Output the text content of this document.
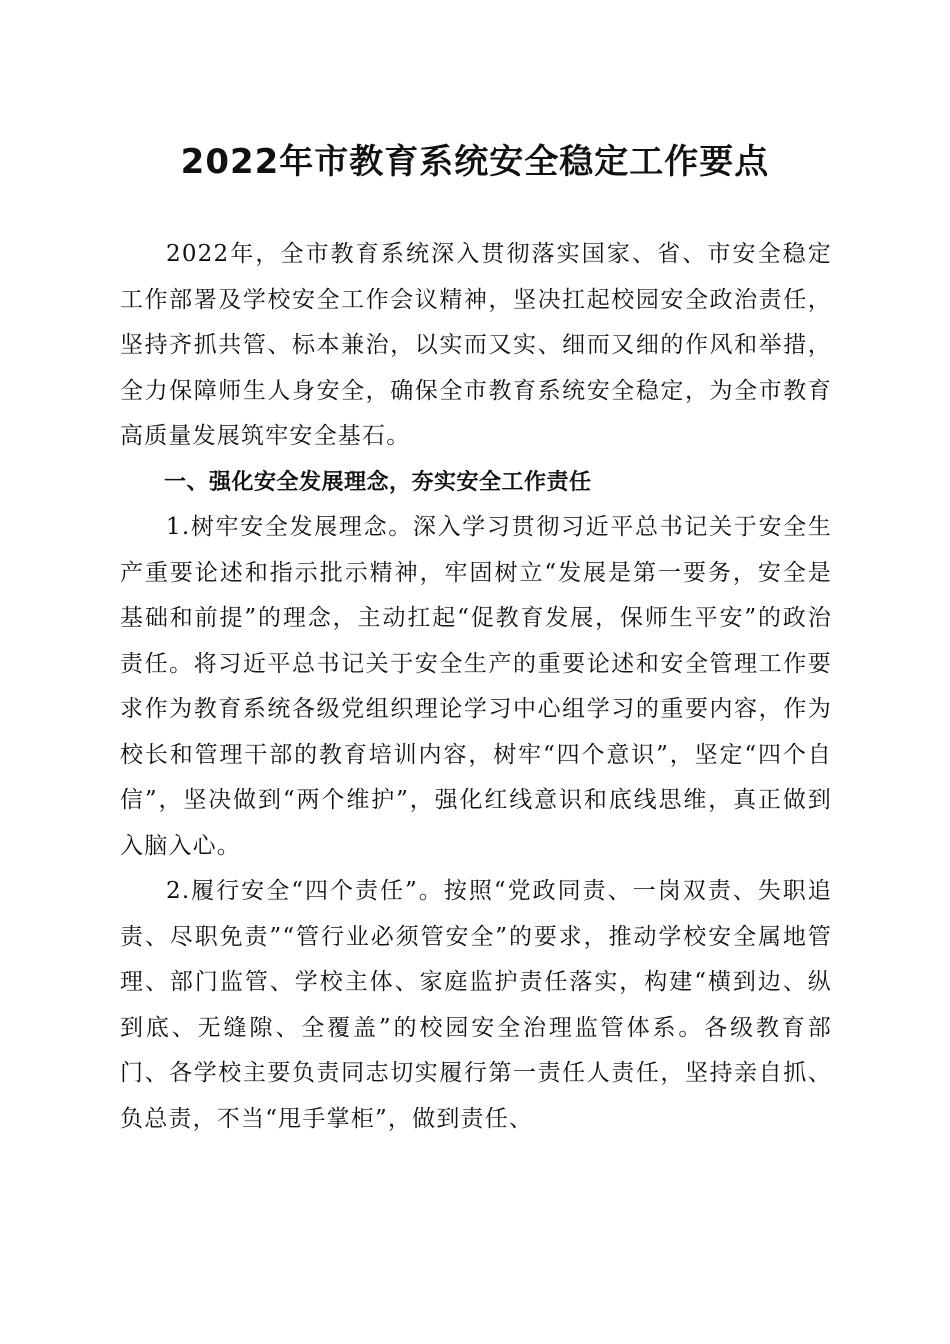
2022年市教育系统安全稳定工作要点

2022年，全市教育系统深入贯彻落实国家、省、市安全稳定工作部署及学校安全工作会议精神，坚决扛起校园安全政治责任，坚持齐抓共管、标本兼治，以实而又实、细而又细的作风和举措，全力保障师生人身安全，确保全市教育系统安全稳定，为全市教育高质量发展筑牢安全基石。

一、强化安全发展理念，夯实安全工作责任

1.树牢安全发展理念。深入学习贯彻习近平总书记关于安全生产重要论述和指示批示精神，牢固树立“发展是第一要务，安全是基础和前提”的理念，主动扛起“促教育发展，保师生平安”的政治责任。将习近平总书记关于安全生产的重要论述和安全管理工作要求作为教育系统各级党组织理论学习中心组学习的重要内容，作为校长和管理干部的教育培训内容，树牢“四个意识”，坚定“四个自信”，坚决做到“两个维护”，强化红线意识和底线思维，真正做到入脑入心。

2.履行安全“四个责任”。按照“党政同责、一岗双责、失职追责、尽职免责”“管行业必须管安全”的要求，推动学校安全属地管理、部门监管、学校主体、家庭监护责任落实，构建“横到边、纵到底、无缝隙、全覆盖”的校园安全治理监管体系。各级教育部门、各学校主要负责同志切实履行第一责任人责任，坚持亲自抓、负总责，不当“甩手掌柜”，做到责任、
